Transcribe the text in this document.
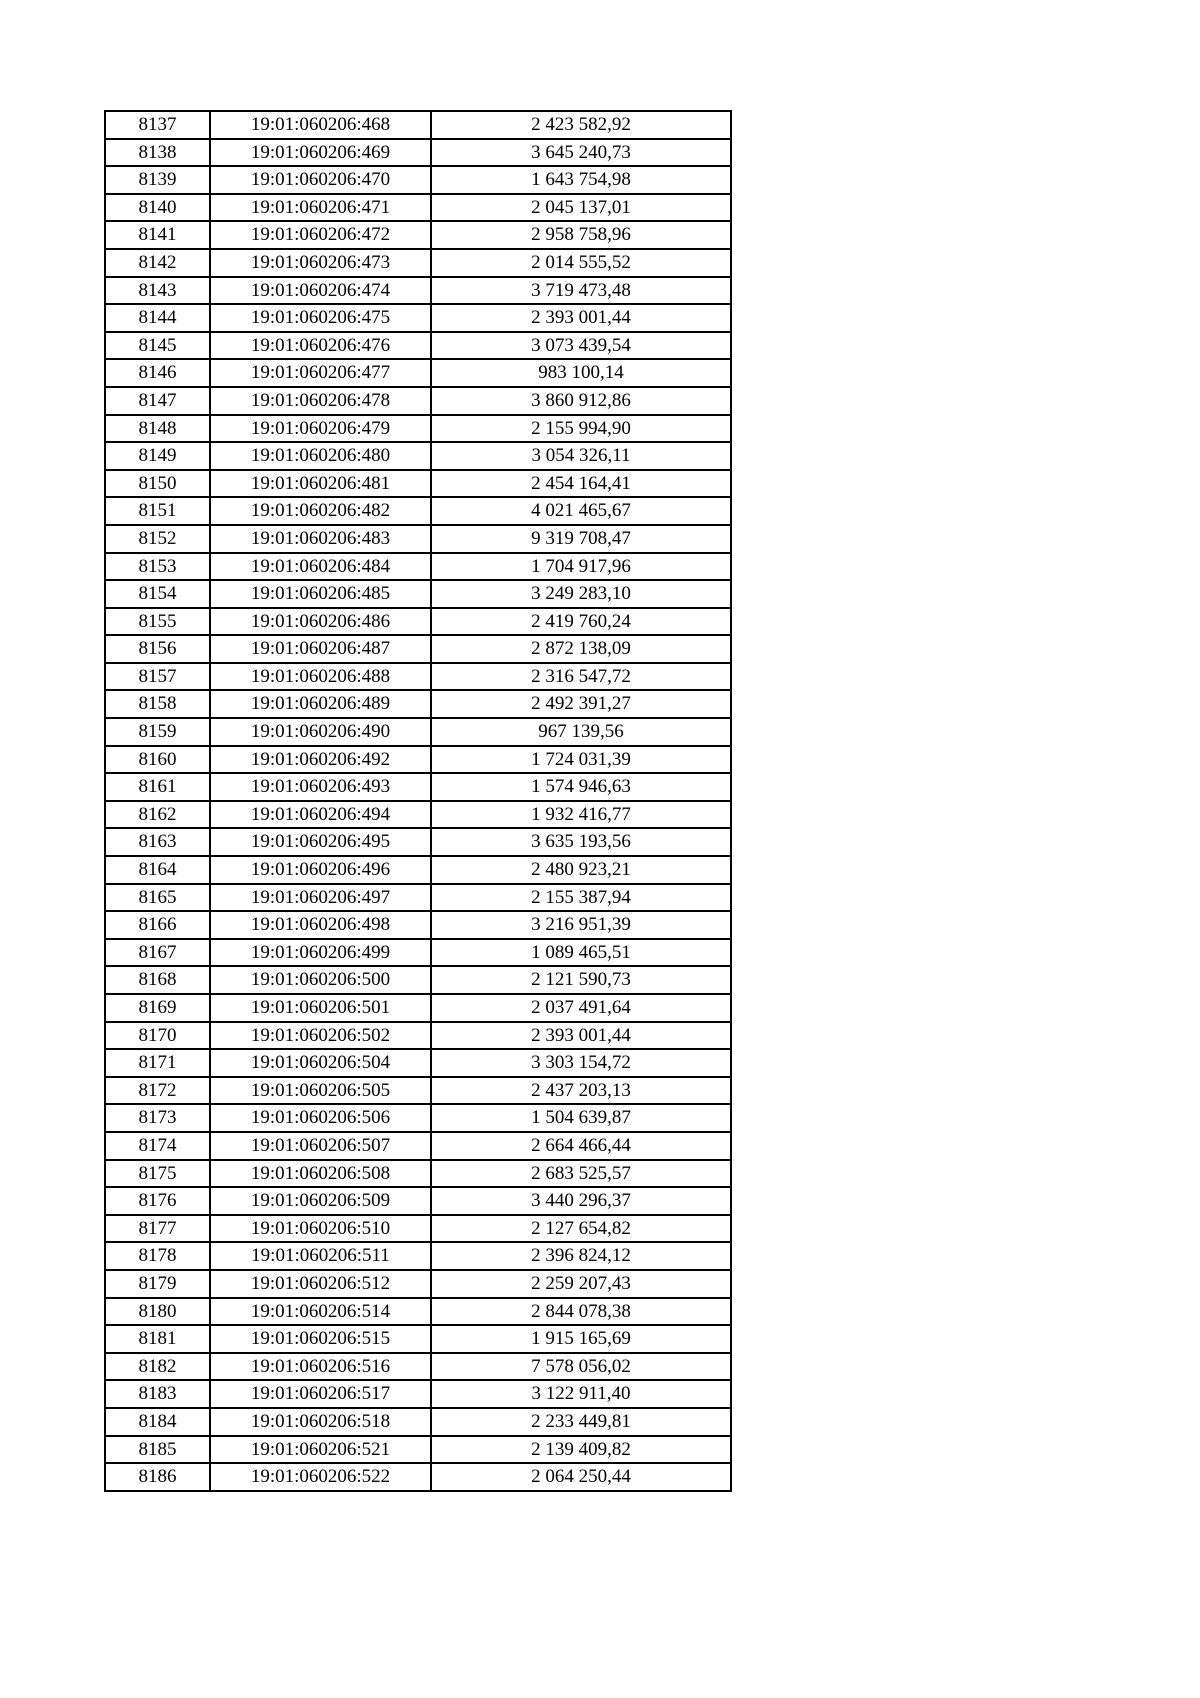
8137	19:01:060206:468	2 423 582,92
8138	19:01:060206:469	3 645 240,73
8139	19:01:060206:470	1 643 754,98
8140	19:01:060206:471	2 045 137,01
8141	19:01:060206:472	2 958 758,96
8142	19:01:060206:473	2 014 555,52
8143	19:01:060206:474	3 719 473,48
8144	19:01:060206:475	2 393 001,44
8145	19:01:060206:476	3 073 439,54
8146	19:01:060206:477	983 100,14
8147	19:01:060206:478	3 860 912,86
8148	19:01:060206:479	2 155 994,90
8149	19:01:060206:480	3 054 326,11
8150	19:01:060206:481	2 454 164,41
8151	19:01:060206:482	4 021 465,67
8152	19:01:060206:483	9 319 708,47
8153	19:01:060206:484	1 704 917,96
8154	19:01:060206:485	3 249 283,10
8155	19:01:060206:486	2 419 760,24
8156	19:01:060206:487	2 872 138,09
8157	19:01:060206:488	2 316 547,72
8158	19:01:060206:489	2 492 391,27
8159	19:01:060206:490	967 139,56
8160	19:01:060206:492	1 724 031,39
8161	19:01:060206:493	1 574 946,63
8162	19:01:060206:494	1 932 416,77
8163	19:01:060206:495	3 635 193,56
8164	19:01:060206:496	2 480 923,21
8165	19:01:060206:497	2 155 387,94
8166	19:01:060206:498	3 216 951,39
8167	19:01:060206:499	1 089 465,51
8168	19:01:060206:500	2 121 590,73
8169	19:01:060206:501	2 037 491,64
8170	19:01:060206:502	2 393 001,44
8171	19:01:060206:504	3 303 154,72
8172	19:01:060206:505	2 437 203,13
8173	19:01:060206:506	1 504 639,87
8174	19:01:060206:507	2 664 466,44
8175	19:01:060206:508	2 683 525,57
8176	19:01:060206:509	3 440 296,37
8177	19:01:060206:510	2 127 654,82
8178	19:01:060206:511	2 396 824,12
8179	19:01:060206:512	2 259 207,43
8180	19:01:060206:514	2 844 078,38
8181	19:01:060206:515	1 915 165,69
8182	19:01:060206:516	7 578 056,02
8183	19:01:060206:517	3 122 911,40
8184	19:01:060206:518	2 233 449,81
8185	19:01:060206:521	2 139 409,82
8186	19:01:060206:522	2 064 250,44
